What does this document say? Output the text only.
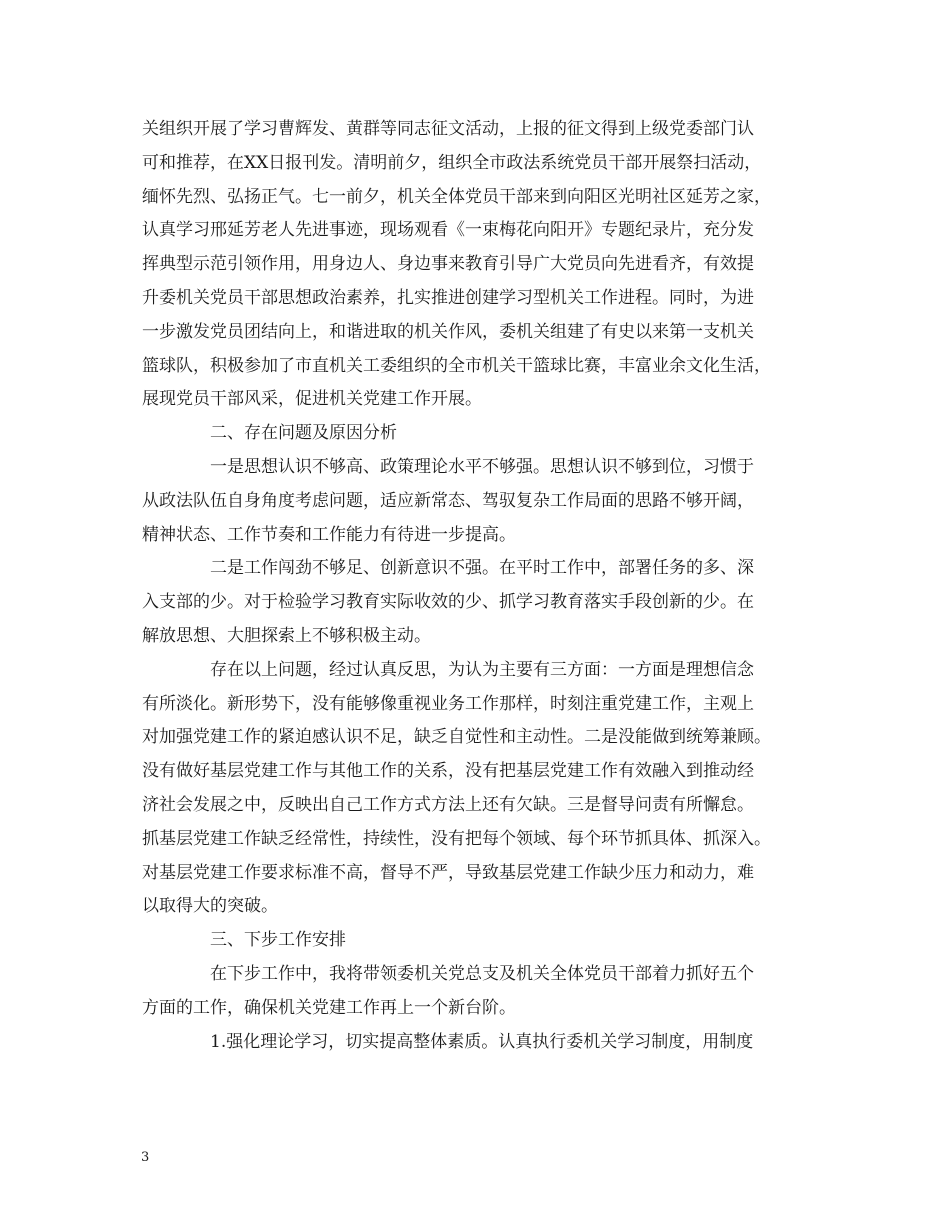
关组织开展了学习曹辉发、黄群等同志征文活动，上报的征文得到上级党委部门认
可和推荐，在XX日报刊发。清明前夕，组织全市政法系统党员干部开展祭扫活动，
缅怀先烈、弘扬正气。七一前夕，机关全体党员干部来到向阳区光明社区延芳之家，
认真学习邢延芳老人先进事迹，现场观看《一束梅花向阳开》专题纪录片，充分发
挥典型示范引领作用，用身边人、身边事来教育引导广大党员向先进看齐，有效提
升委机关党员干部思想政治素养，扎实推进创建学习型机关工作进程。同时，为进
一步激发党员团结向上，和谐进取的机关作风，委机关组建了有史以来第一支机关
篮球队，积极参加了市直机关工委组织的全市机关干篮球比赛，丰富业余文化生活，
展现党员干部风采，促进机关党建工作开展。
二、存在问题及原因分析
一是思想认识不够高、政策理论水平不够强。思想认识不够到位，习惯于
从政法队伍自身角度考虑问题，适应新常态、驾驭复杂工作局面的思路不够开阔，
精神状态、工作节奏和工作能力有待进一步提高。
二是工作闯劲不够足、创新意识不强。在平时工作中，部署任务的多、深
入支部的少。对于检验学习教育实际收效的少、抓学习教育落实手段创新的少。在
解放思想、大胆探索上不够积极主动。
存在以上问题，经过认真反思，为认为主要有三方面：一方面是理想信念
有所淡化。新形势下，没有能够像重视业务工作那样，时刻注重党建工作，主观上
对加强党建工作的紧迫感认识不足，缺乏自觉性和主动性。二是没能做到统筹兼顾。
没有做好基层党建工作与其他工作的关系，没有把基层党建工作有效融入到推动经
济社会发展之中，反映出自己工作方式方法上还有欠缺。三是督导问责有所懈怠。
抓基层党建工作缺乏经常性，持续性，没有把每个领域、每个环节抓具体、抓深入。
对基层党建工作要求标准不高，督导不严，导致基层党建工作缺少压力和动力，难
以取得大的突破。
三、下步工作安排
在下步工作中，我将带领委机关党总支及机关全体党员干部着力抓好五个
方面的工作，确保机关党建工作再上一个新台阶。
1.强化理论学习，切实提高整体素质。认真执行委机关学习制度，用制度
3
